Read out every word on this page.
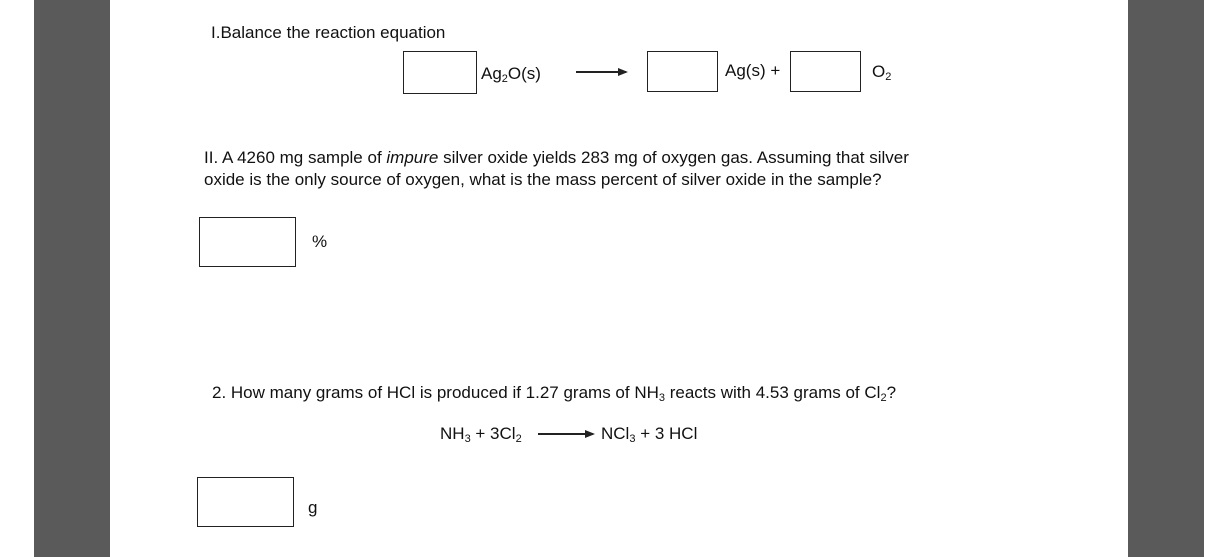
I.Balance the reaction equation
$Ag_2O(s)$	Ag(s) +	$O_2$
II. A 4260 mg sample of impure silver oxide yields 283 mg of oxygen gas. Assuming that silver
oxide is the only source of oxygen, what is the mass percent of silver oxide in the sample?
%
2. How many grams of HCl is produced if 1.27 grams of $NH_3$ reacts with 4.53 grams of $Cl_2$?
$NH_3 + 3Cl_2 \to NCl_3 + 3$ HCl
g
